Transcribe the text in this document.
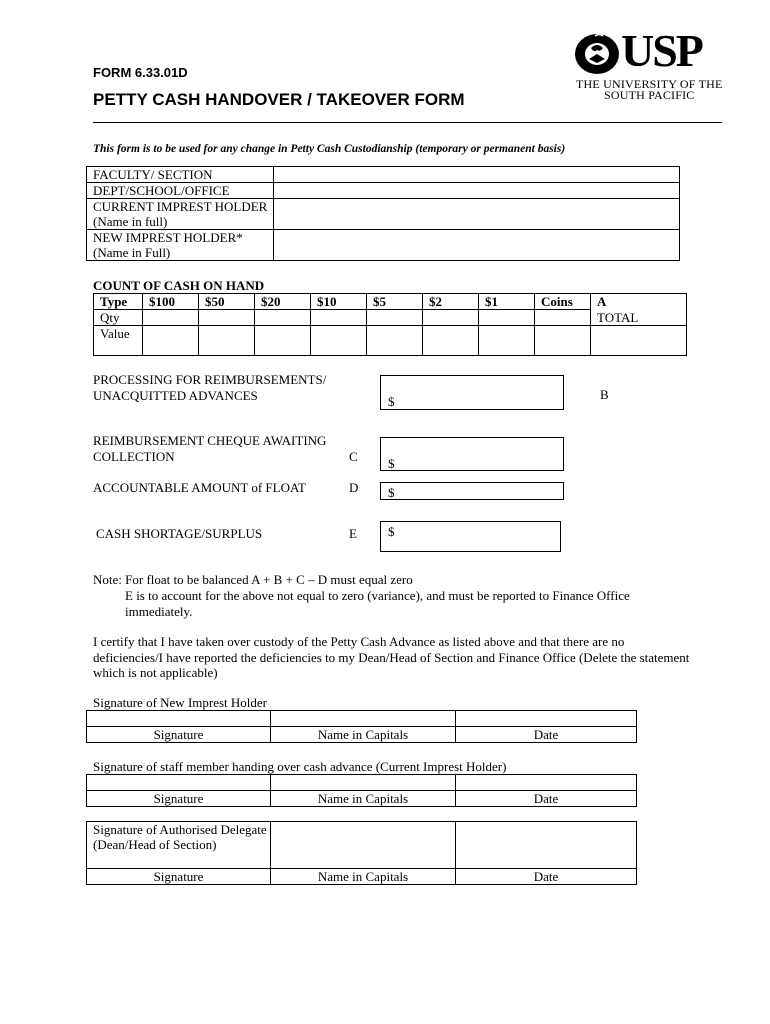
FORM 6.33.01D
PETTY CASH HANDOVER / TAKEOVER FORM
USP
THE UNIVERSITY OF THE
SOUTH PACIFIC
This form is to be used for any change in Petty Cash Custodianship (temporary or permanent basis)
FACULTY/ SECTION	
DEPT/SCHOOL/OFFICE	
CURRENT IMPREST HOLDER (Name in full)	
NEW IMPREST HOLDER* (Name in Full)	
COUNT OF CASH ON HAND
Type	$100	$50	$20	$10	$5	$2	$1	Coins	A
Qty									TOTAL
Value									
PROCESSING FOR REIMBURSEMENTS/ UNACQUITTED ADVANCES	$	B
REIMBURSEMENT CHEQUE AWAITING COLLECTION	C	$
ACCOUNTABLE AMOUNT of FLOAT	D	$
CASH SHORTAGE/SURPLUS	E	$
Note: For float to be balanced A + B + C – D must equal zero
E is to account for the above not equal to zero (variance), and must be reported to Finance Office immediately.
I certify that I have taken over custody of the Petty Cash Advance as listed above and that there are no deficiencies/I have reported the deficiencies to my Dean/Head of Section and Finance Office (Delete the statement which is not applicable)
Signature of New Imprest Holder

Signature	Name in Capitals	Date
Signature of staff member handing over cash advance (Current Imprest Holder)

Signature	Name in Capitals	Date
Signature of Authorised Delegate (Dean/Head of Section)		
Signature	Name in Capitals	Date
